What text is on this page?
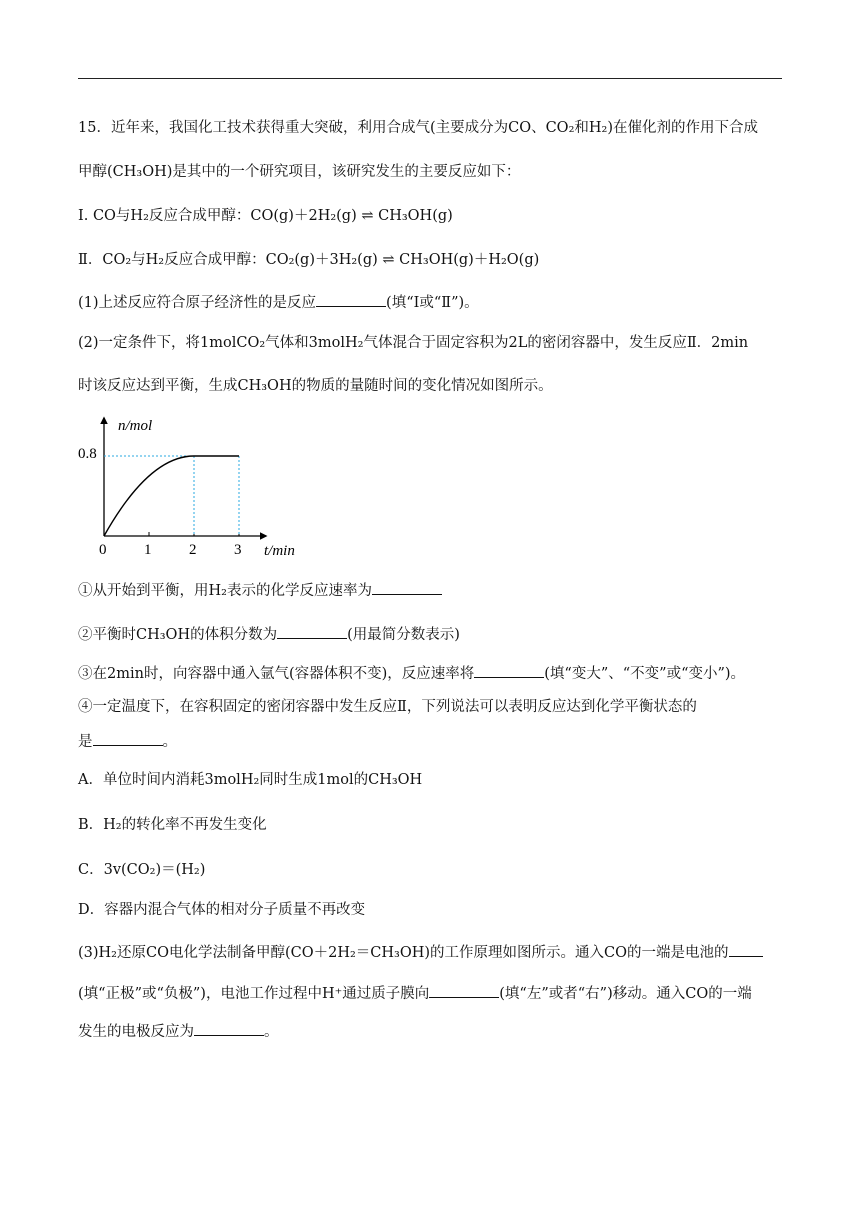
15．近年来，我国化工技术获得重大突破，利用合成气(主要成分为CO、CO₂和H₂)在催化剂的作用下合成
甲醇(CH₃OH)是其中的一个研究项目，该研究发生的主要反应如下：
I. CO与H₂反应合成甲醇：CO(g)＋2H₂(g) ⇌ CH₃OH(g)
Ⅱ．CO₂与H₂反应合成甲醇：CO₂(g)＋3H₂(g) ⇌ CH₃OH(g)＋H₂O(g)
(1)上述反应符合原子经济性的是反应	(填“I或“Ⅱ”)。
(2)一定条件下，将1molCO₂气体和3molH₂气体混合于固定容积为2L的密闭容器中，发生反应Ⅱ．2min
时该反应达到平衡，生成CH₃OH的物质的量随时间的变化情况如图所示。
n/mol
t/min
0.8
0	1	2	3
①从开始到平衡，用H₂表示的化学反应速率为
②平衡时CH₃OH的体积分数为	(用最简分数表示)
③在2min时，向容器中通入氩气(容器体积不变)，反应速率将	(填“变大”、“不变”或“变小”)。
④一定温度下，在容积固定的密闭容器中发生反应Ⅱ，下列说法可以表明反应达到化学平衡状态的
是	。
A．单位时间内消耗3molH₂同时生成1mol的CH₃OH
B．H₂的转化率不再发生变化
C．3v(CO₂)＝(H₂)
D．容器内混合气体的相对分子质量不再改变
(3)H₂还原CO电化学法制备甲醇(CO＋2H₂＝CH₃OH)的工作原理如图所示。通入CO的一端是电池的
(填“正极”或“负极”)，电池工作过程中H⁺通过质子膜向	(填“左”或者“右”)移动。通入CO的一端
发生的电极反应为	。
